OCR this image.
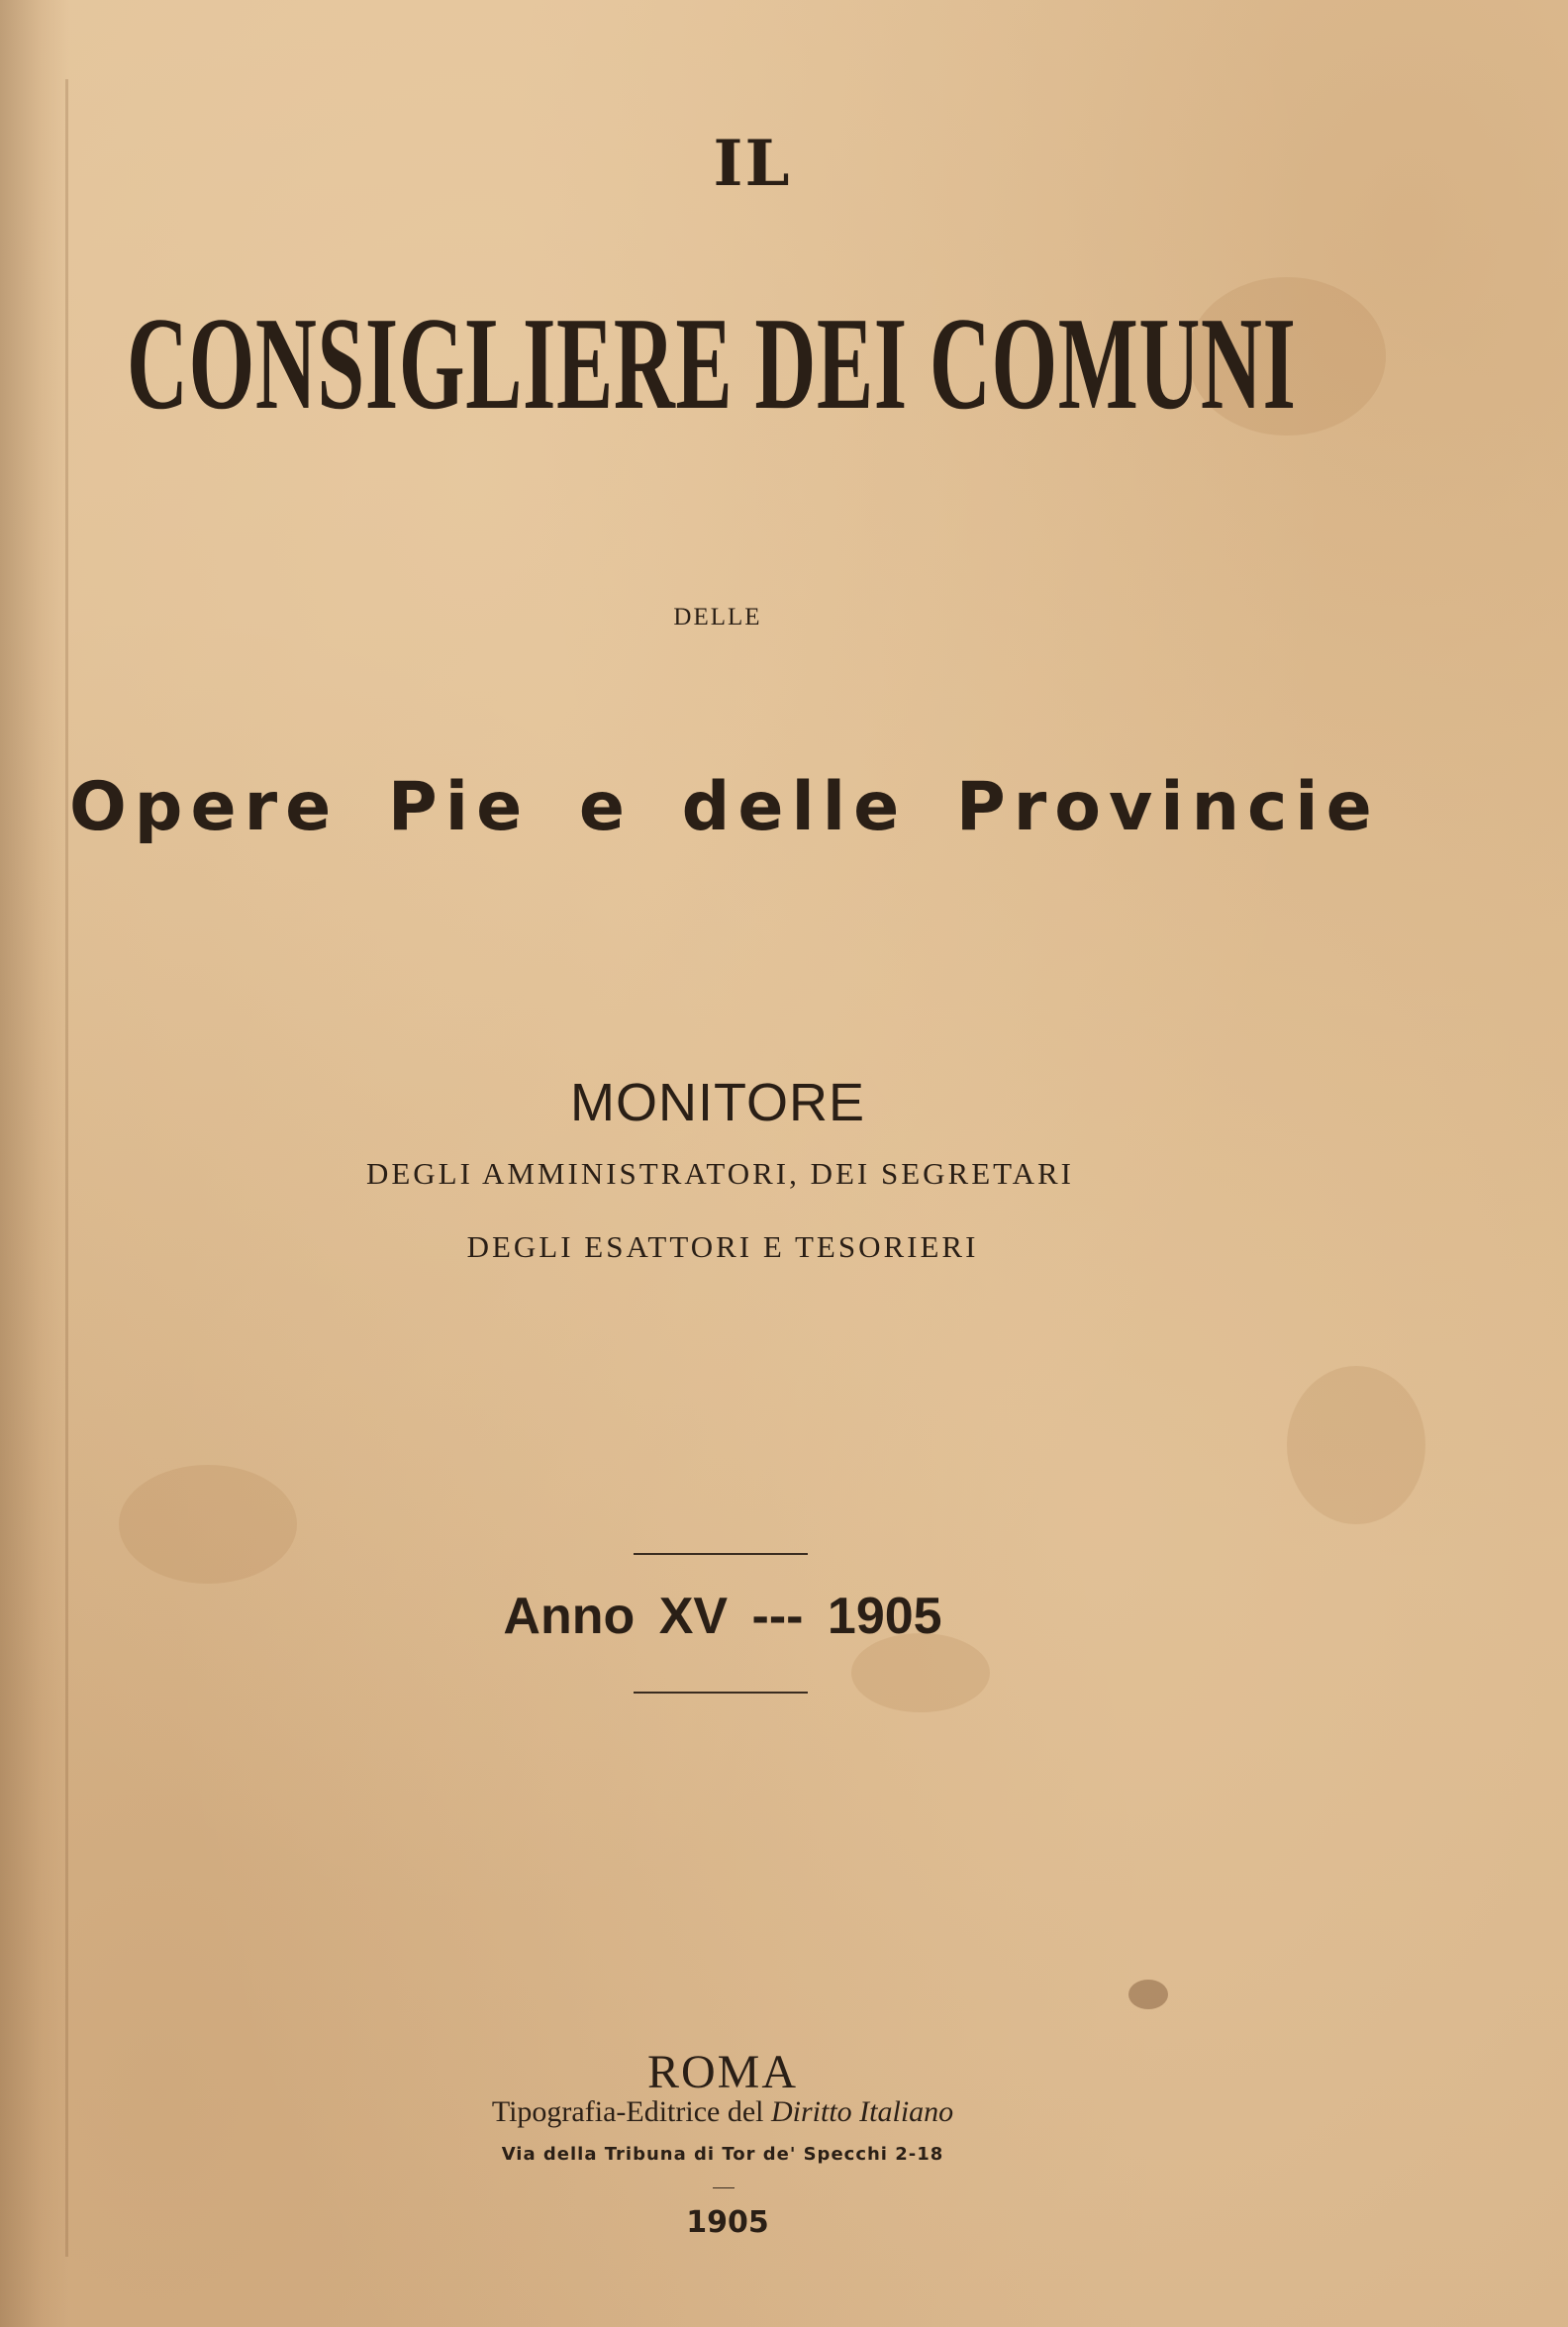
IL
CONSIGLIERE DEI COMUNI
DELLE
Opere Pie e delle Provincie
MONITORE
DEGLI AMMINISTRATORI, DEI SEGRETARI
DEGLI ESATTORI E TESORIERI
Anno XV --- 1905
ROMA
Tipografia-Editrice del Diritto Italiano
Via della Tribuna di Tor de' Specchi 2-18
1905
